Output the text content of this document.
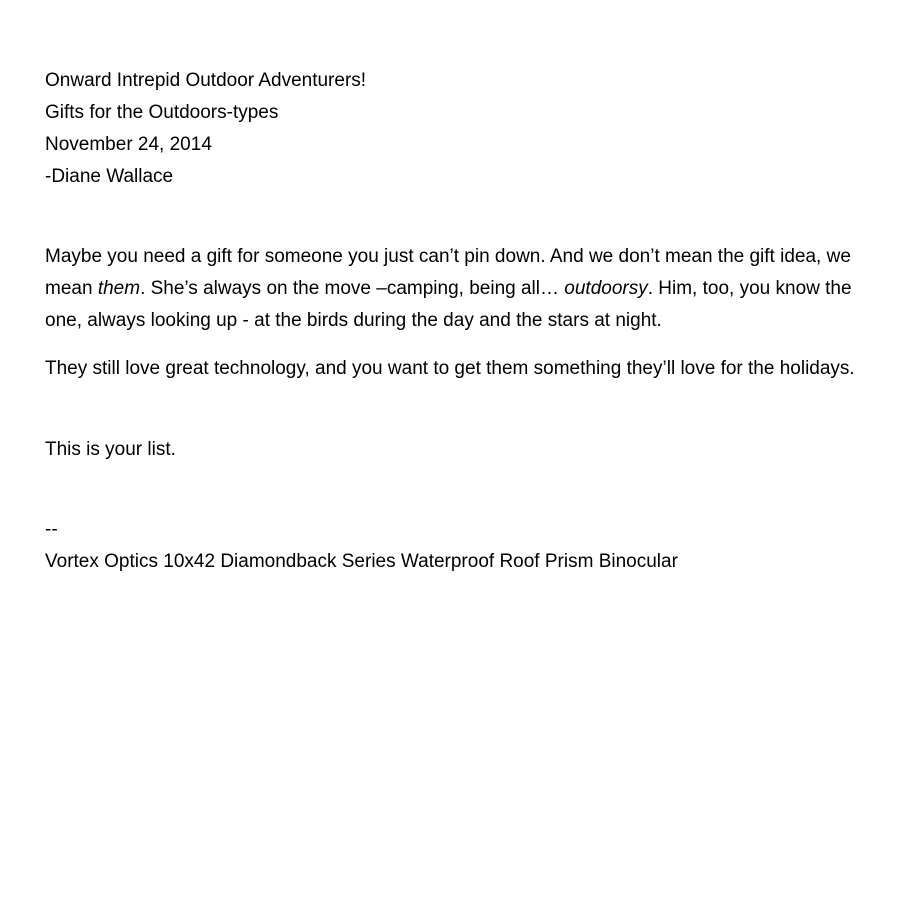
Onward Intrepid Outdoor Adventurers!
Gifts for the Outdoors-types
November 24, 2014
-Diane Wallace

Maybe you need a gift for someone you just can’t pin down. And we don’t mean the gift idea, we mean them. She’s always on the move –camping, being all… outdoorsy. Him, too, you know the one, always looking up - at the birds during the day and the stars at night.

They still love great technology, and you want to get them something they’ll love for the holidays.

This is your list.

--
Vortex Optics 10x42 Diamondback Series Waterproof Roof Prism Binocular
